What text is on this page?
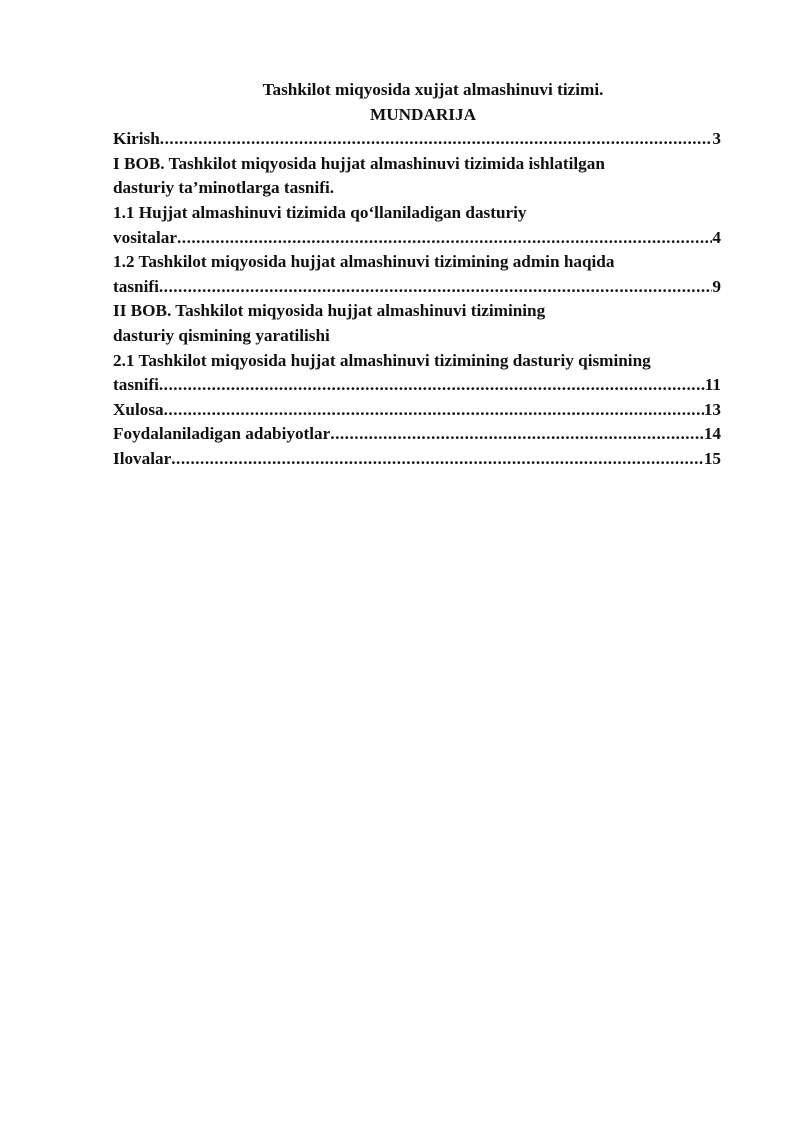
Tashkilot miqyosida xujjat almashinuvi tizimi.

MUNDARIJA

Kirish .....	3
I BOB. Tashkilot miqyosida hujjat almashinuvi tizimida ishlatilgan
dasturiy ta’minotlarga tasnifi.
1.1 Hujjat almashinuvi tizimida qo‘llaniladigan dasturiy
vositalar .....	4
1.2 Tashkilot miqyosida hujjat almashinuvi tizimining admin haqida
tasnifi .....	9
II BOB. Tashkilot miqyosida hujjat almashinuvi tizimining
dasturiy qismining yaratilishi
2.1 Tashkilot miqyosida hujjat almashinuvi tizimining dasturiy qismining
tasnifi .....	11
Xulosa .....	13
Foydalaniladigan adabiyotlar .....	14
Ilovalar .....	15
